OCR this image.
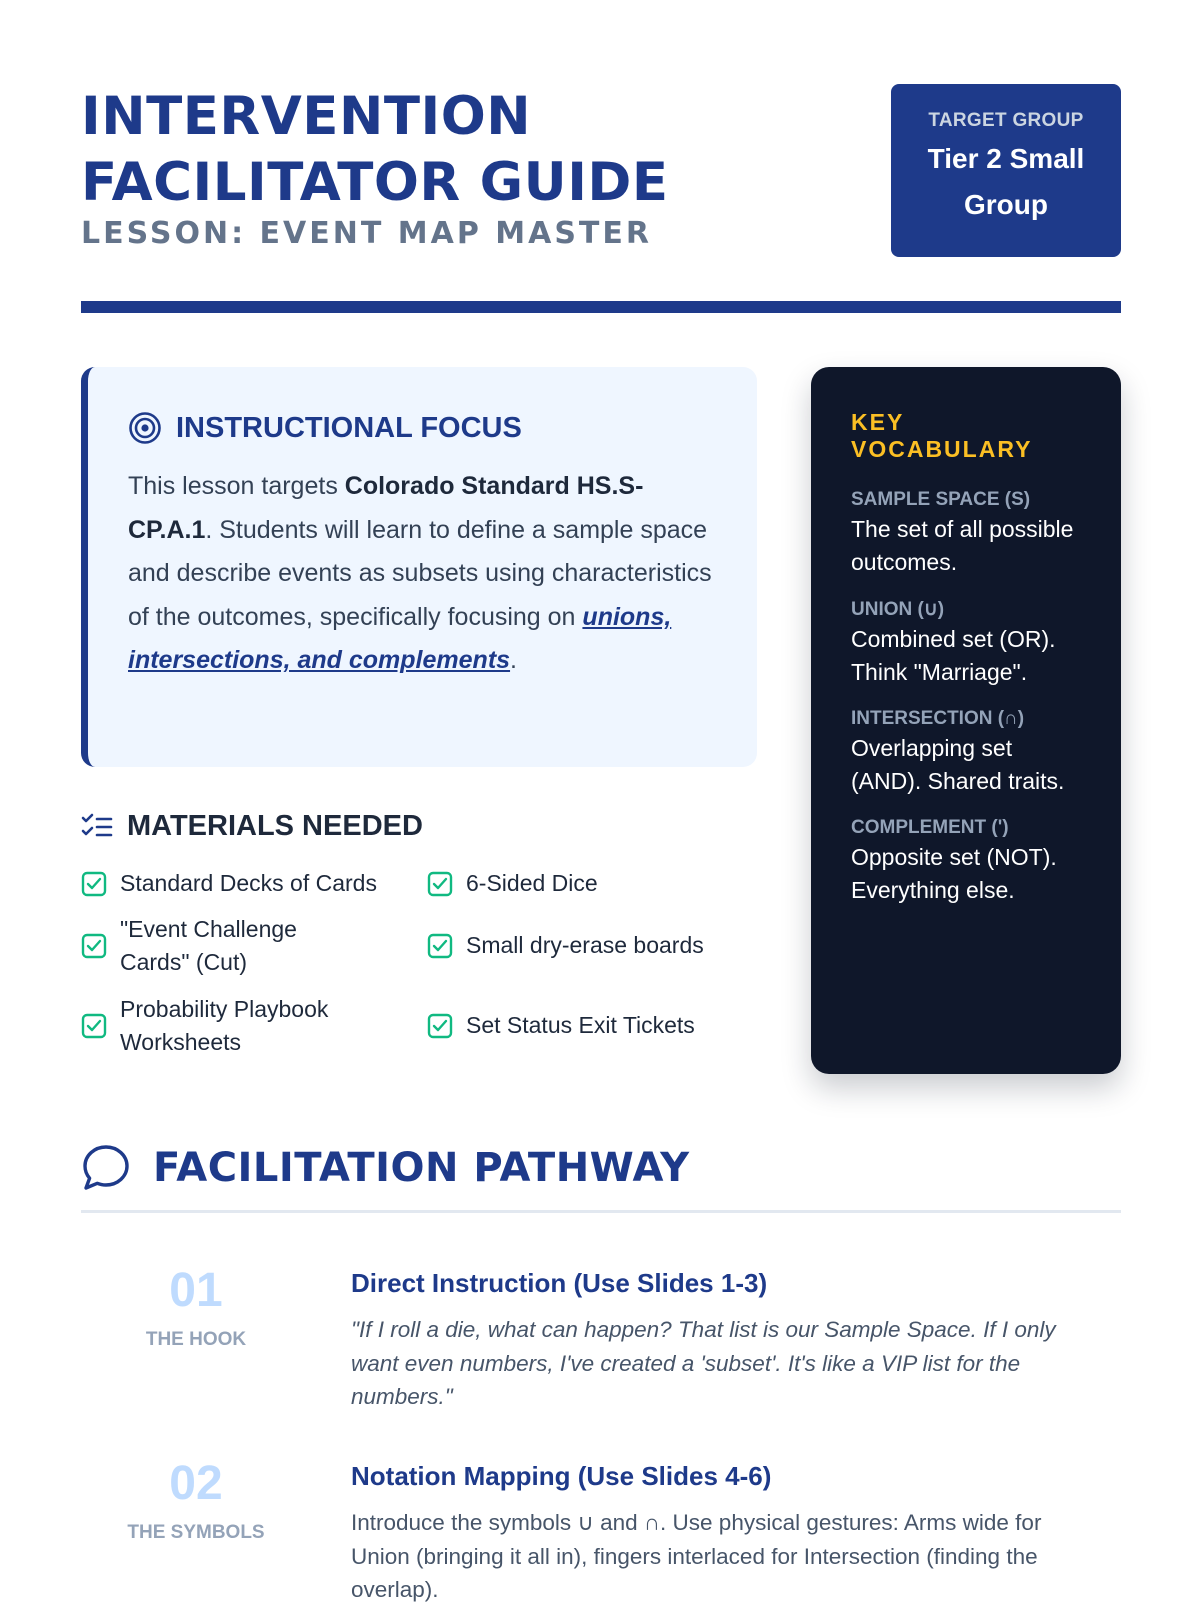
INTERVENTION
FACILITATOR GUIDE
LESSON: EVENT MAP MASTER
TARGET GROUP
Tier 2 Small Group
INSTRUCTIONAL FOCUS
This lesson targets Colorado Standard HS.S-CP.A.1. Students will learn to define a sample space and describe events as subsets using characteristics of the outcomes, specifically focusing on unions, intersections, and complements.
MATERIALS NEEDED
Standard Decks of Cards	6-Sided Dice
"Event Challenge Cards" (Cut)
Small dry-erase boards
Probability Playbook Worksheets
Set Status Exit Tickets
KEY VOCABULARY
SAMPLE SPACE (S)
The set of all possible outcomes.
UNION (∪)
Combined set (OR). Think "Marriage".
INTERSECTION (∩)
Overlapping set (AND). Shared traits.
COMPLEMENT (')
Opposite set (NOT). Everything else.
FACILITATION PATHWAY
01
THE HOOK
Direct Instruction (Use Slides 1-3)
"If I roll a die, what can happen? That list is our Sample Space. If I only want even numbers, I've created a 'subset'. It's like a VIP list for the numbers."
02
THE SYMBOLS
Notation Mapping (Use Slides 4-6)
Introduce the symbols ∪ and ∩. Use physical gestures: Arms wide for Union (bringing it all in), fingers interlaced for Intersection (finding the overlap).
